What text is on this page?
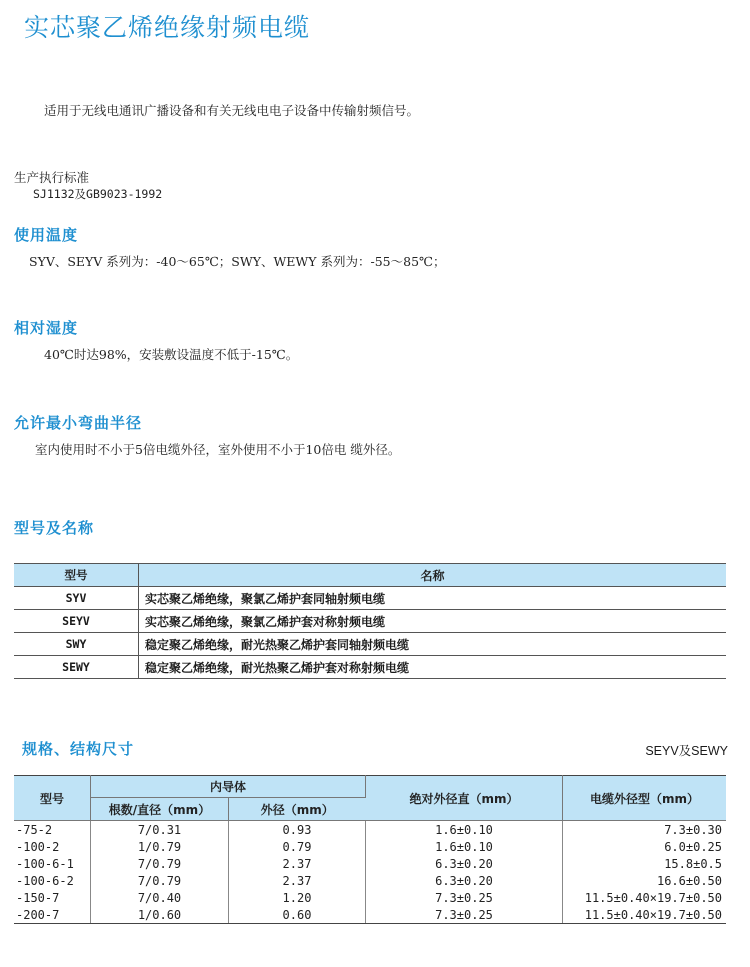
实芯聚乙烯绝缘射频电缆
适用于无线电通讯广播设备和有关无线电电子设备中传输射频信号。
生产执行标准
SJ1132及GB9023-1992
使用温度
SYV、SEYV 系列为：-40～65℃；SWY、WEWY 系列为：-55～85℃；
相对湿度
40℃时达98%，安装敷设温度不低于-15℃。
允许最小弯曲半径
室内使用时不小于5倍电缆外径，室外使用不小于10倍电 缆外径。
型号及名称
型号	名称
SYV	实芯聚乙烯绝缘，聚氯乙烯护套同轴射频电缆
SEYV	实芯聚乙烯绝缘，聚氯乙烯护套对称射频电缆
SWY	稳定聚乙烯绝缘，耐光热聚乙烯护套同轴射频电缆
SEWY	稳定聚乙烯绝缘，耐光热聚乙烯护套对称射频电缆
规格、结构尺寸	SEYV及SEWY
型号	内导体		绝对外径直（mm）	电缆外径型（mm）
	根数/直径（mm）	外径（mm）		
-75-2	7/0.31	0.93	1.6±0.10	7.3±0.30
-100-2	1/0.79	0.79	1.6±0.10	6.0±0.25
-100-6-1	7/0.79	2.37	6.3±0.20	15.8±0.5
-100-6-2	7/0.79	2.37	6.3±0.20	16.6±0.50
-150-7	7/0.40	1.20	7.3±0.25	11.5±0.40×19.7±0.50
-200-7	1/0.60	0.60	7.3±0.25	11.5±0.40×19.7±0.50
